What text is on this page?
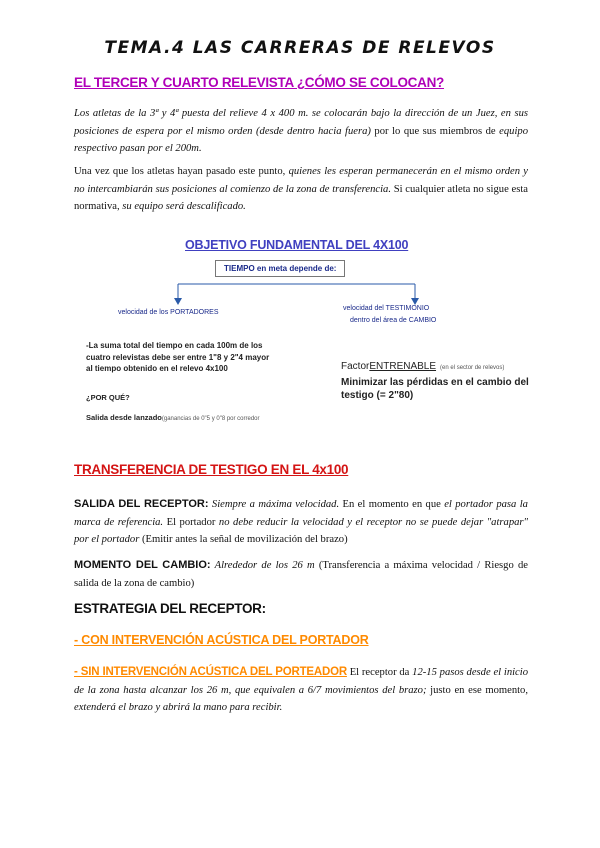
TEMA.4 LAS CARRERAS DE RELEVOS
EL TERCER Y CUARTO RELEVISTA ¿CÓMO SE COLOCAN?
Los atletas de la 3ª y 4ª puesta del relieve 4 x 400 m. se colocarán bajo la dirección de un Juez, en sus posiciones de espera por el mismo orden (desde dentro hacia fuera) por lo que sus miembros de equipo respectivo pasan por el 200m.
Una vez que los atletas hayan pasado este punto, quienes les esperan permanecerán en el mismo orden y no intercambiarán sus posiciones al comienzo de la zona de transferencia. Si cualquier atleta no sigue esta normativa, su equipo será descalificado.
OBJETIVO FUNDAMENTAL DEL 4X100
TIEMPO en meta depende de:
velocidad de los PORTADORES
velocidad del TESTIMONIO
dentro del área de CAMBIO
-La suma total del tiempo en cada 100m de los
cuatro relevistas debe ser entre 1"8 y 2"4 mayor
al tiempo obtenido en el relevo 4x100
¿POR QUÉ?
Salida desde lanzado(ganancias de 0"5 y 0"8 por corredor
FactorENTRENABLE (en el sector de relevos)
Minimizar las pérdidas en el cambio del
testigo (= 2"80)
TRANSFERENCIA DE TESTIGO EN EL 4x100
SALIDA DEL RECEPTOR: Siempre a máxima velocidad. En el momento en que el portador pasa la marca de referencia. El portador no debe reducir la velocidad y el receptor no se puede dejar "atrapar" por el portador (Emitir antes la señal de movilización del brazo)
MOMENTO DEL CAMBIO: Alrededor de los 26 m (Transferencia a máxima velocidad / Riesgo de salida de la zona de cambio)
ESTRATEGIA DEL RECEPTOR:
- CON INTERVENCIÓN ACÚSTICA DEL PORTADOR
- SIN INTERVENCIÓN ACÚSTICA DEL PORTEADOR El receptor da 12-15 pasos desde el inicio de la zona hasta alcanzar los 26 m, que equivalen a 6/7 movimientos del brazo; justo en ese momento, extenderá el brazo y abrirá la mano para recibir.
